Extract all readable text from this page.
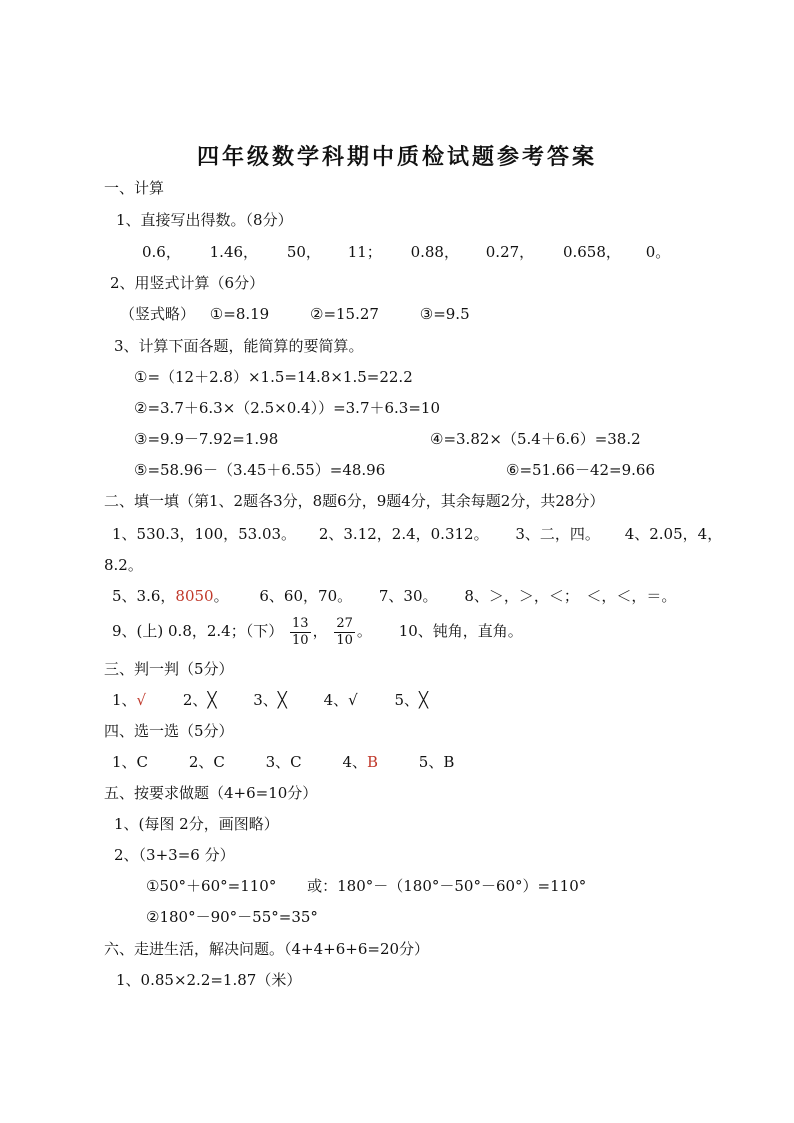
四年级数学科期中质检试题参考答案
一、计算
1、直接写出得数。（8分）
0.6， 1.46， 50， 11； 0.88， 0.27， 0.658， 0。
2、用竖式计算（6分）
（竖式略） ①=8.19	②=15.27	③=9.5
3、计算下面各题，能简算的要简算。
①=（12＋2.8）×1.5=14.8×1.5=22.2
②=3.7＋6.3×（2.5×0.4））=3.7＋6.3=10
③=9.9－7.92=1.98	④=3.82×（5.4＋6.6）=38.2
⑤=58.96－（3.45＋6.55）=48.96	⑥=51.66－42=9.66
二、填一填（第1、2题各3分，8题6分，9题4分，其余每题2分，共28分）
1、530.3，100，53.03。 2、3.12，2.4，0.312。 3、二，四。 4、2.05，4，
8.2。
5、3.6，8050。 6、60，70。 7、30。 8、＞，＞，＜；　＜，＜，＝。
9、(上) 0.8，2.4；（下） $\frac{13}{10}$ ， $\frac{27}{10}$ 。 10、钝角，直角。
三、判一判（5分）
1、√ 2、╳ 3、╳ 4、√ 5、╳
四、选一选（5分）
1、C	2、C	3、C	4、B	5、B
五、按要求做题（4+6=10分）
1、(每图 2分，画图略）
2、（3+3=6 分）
①50°＋60°=110° 或：180°－（180°－50°－60°）=110°
②180°－90°－55°=35°
六、走进生活，解决问题。（4+4+6+6=20分）
1、0.85×2.2=1.87（米）
